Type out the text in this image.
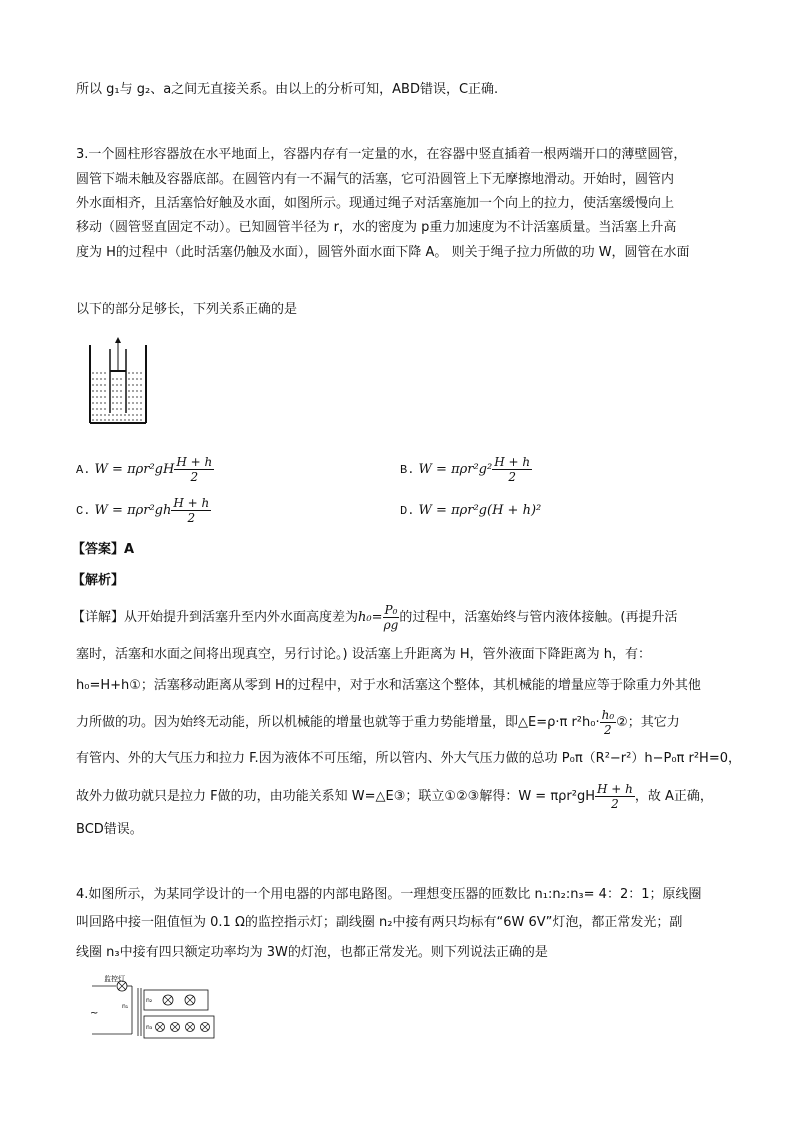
所以 g₁与 g₂、a之间无直接关系。由以上的分析可知，ABD错误，C正确.
3.一个圆柱形容器放在水平地面上，容器内存有一定量的水，在容器中竖直插着一根两端开口的薄壁圆管，
圆管下端未触及容器底部。在圆管内有一不漏气的活塞，它可沿圆管上下无摩擦地滑动。开始时，圆管内
外水面相齐，且活塞恰好触及水面，如图所示。现通过绳子对活塞施加一个向上的拉力，使活塞缓慢向上
移动（圆管竖直固定不动）。已知圆管半径为 r，水的密度为 p重力加速度为不计活塞质量。当活塞上升高
度为 H的过程中（此时活塞仍触及水面），圆管外面水面下降 A。 则关于绳子拉力所做的功 W，圆管在水面
以下的部分足够长，下列关系正确的是
A. $W = \pi\rho r^2gH \frac{H + h}{2}$	B. $W = \pi\rho r^2g^2 \frac{H + h}{2}$
C. $W = \pi\rho r^2gh \frac{H + h}{2}$	D. W = πρr²g(H + h)²
【答案】A
【解析】
【详解】从开始提升到活塞升至内外水面高度差为$h_0= \frac{\text{P₀}}{\rho g}$ 的过程中，活塞始终与管内液体接触。(再提升活
塞时，活塞和水面之间将出现真空，另行讨论。) 设活塞上升距离为 H，管外液面下降距离为 h，有：
h₀=H+h①；活塞移动距离从零到 H的过程中，对于水和活塞这个整体，其机械能的增量应等于除重力外其他
力所做的功。因为始终无动能，所以机械能的增量也就等于重力势能增量，即△E=ρ·π $r^2h_0\cdot \frac{\text{h₀}}{2}$ ②；其它力
有管内、外的大气压力和拉力 F.因为液体不可压缩，所以管内、外大气压力做的总功 P₀π（R²−r²）h−P₀π r²H=0，
故外力做功就只是拉力 F做的功，由功能关系知 W=△E③；联立①②③解得：$W = \pi\rho r^2gH \frac{H + h}{2}$ ，故 A正确，
BCD错误。
4.如图所示，为某同学设计的一个用电器的内部电路图。一理想变压器的匝数比 n₁:n₂:n₃= 4：2：1；原线圈
叫回路中接一阻值恒为 0.1 Ω的监控指示灯；副线圈 n₂中接有两只均标有“6W 6V”灯泡，都正常发光；副
线圈 n₃中接有四只额定功率均为 3W的灯泡，也都正常发光。则下列说法正确的是
监控灯
~
n₁
n₂
n₃
